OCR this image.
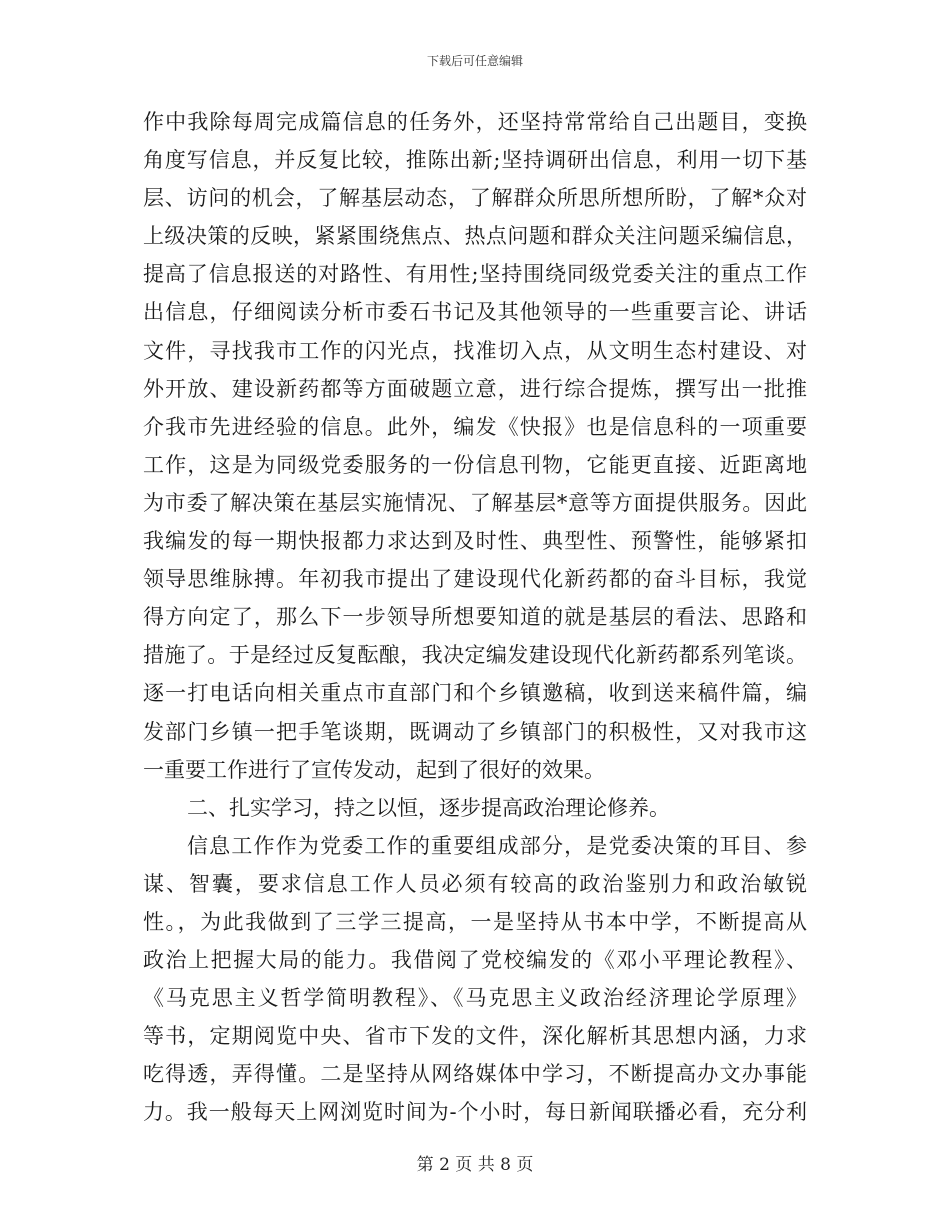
下载后可任意编辑
作中我除每周完成篇信息的任务外，还坚持常常给自己出题目，变换
角度写信息，并反复比较，推陈出新;坚持调研出信息，利用一切下基
层、访问的机会，了解基层动态，了解群众所思所想所盼，了解*众对
上级决策的反映，紧紧围绕焦点、热点问题和群众关注问题采编信息，
提高了信息报送的对路性、有用性;坚持围绕同级党委关注的重点工作
出信息，仔细阅读分析市委石书记及其他领导的一些重要言论、讲话
文件，寻找我市工作的闪光点，找准切入点，从文明生态村建设、对
外开放、建设新药都等方面破题立意，进行综合提炼，撰写出一批推
介我市先进经验的信息。此外，编发《快报》也是信息科的一项重要
工作，这是为同级党委服务的一份信息刊物，它能更直接、近距离地
为市委了解决策在基层实施情况、了解基层*意等方面提供服务。因此
我编发的每一期快报都力求达到及时性、典型性、预警性，能够紧扣
领导思维脉搏。年初我市提出了建设现代化新药都的奋斗目标，我觉
得方向定了，那么下一步领导所想要知道的就是基层的看法、思路和
措施了。于是经过反复酝酿，我决定编发建设现代化新药都系列笔谈。
逐一打电话向相关重点市直部门和个乡镇邀稿，收到送来稿件篇，编
发部门乡镇一把手笔谈期，既调动了乡镇部门的积极性，又对我市这
一重要工作进行了宣传发动，起到了很好的效果。
二、扎实学习，持之以恒，逐步提高政治理论修养。
信息工作作为党委工作的重要组成部分，是党委决策的耳目、参
谋、智囊，要求信息工作人员必须有较高的政治鉴别力和政治敏锐
性。，为此我做到了三学三提高，一是坚持从书本中学，不断提高从
政治上把握大局的能力。我借阅了党校编发的《邓小平理论教程》、
《马克思主义哲学简明教程》、《马克思主义政治经济理论学原理》
等书，定期阅览中央、省市下发的文件，深化解析其思想内涵，力求
吃得透，弄得懂。二是坚持从网络媒体中学习，不断提高办文办事能
力。我一般每天上网浏览时间为-个小时，每日新闻联播必看，充分利
第 2 页 共 8 页
